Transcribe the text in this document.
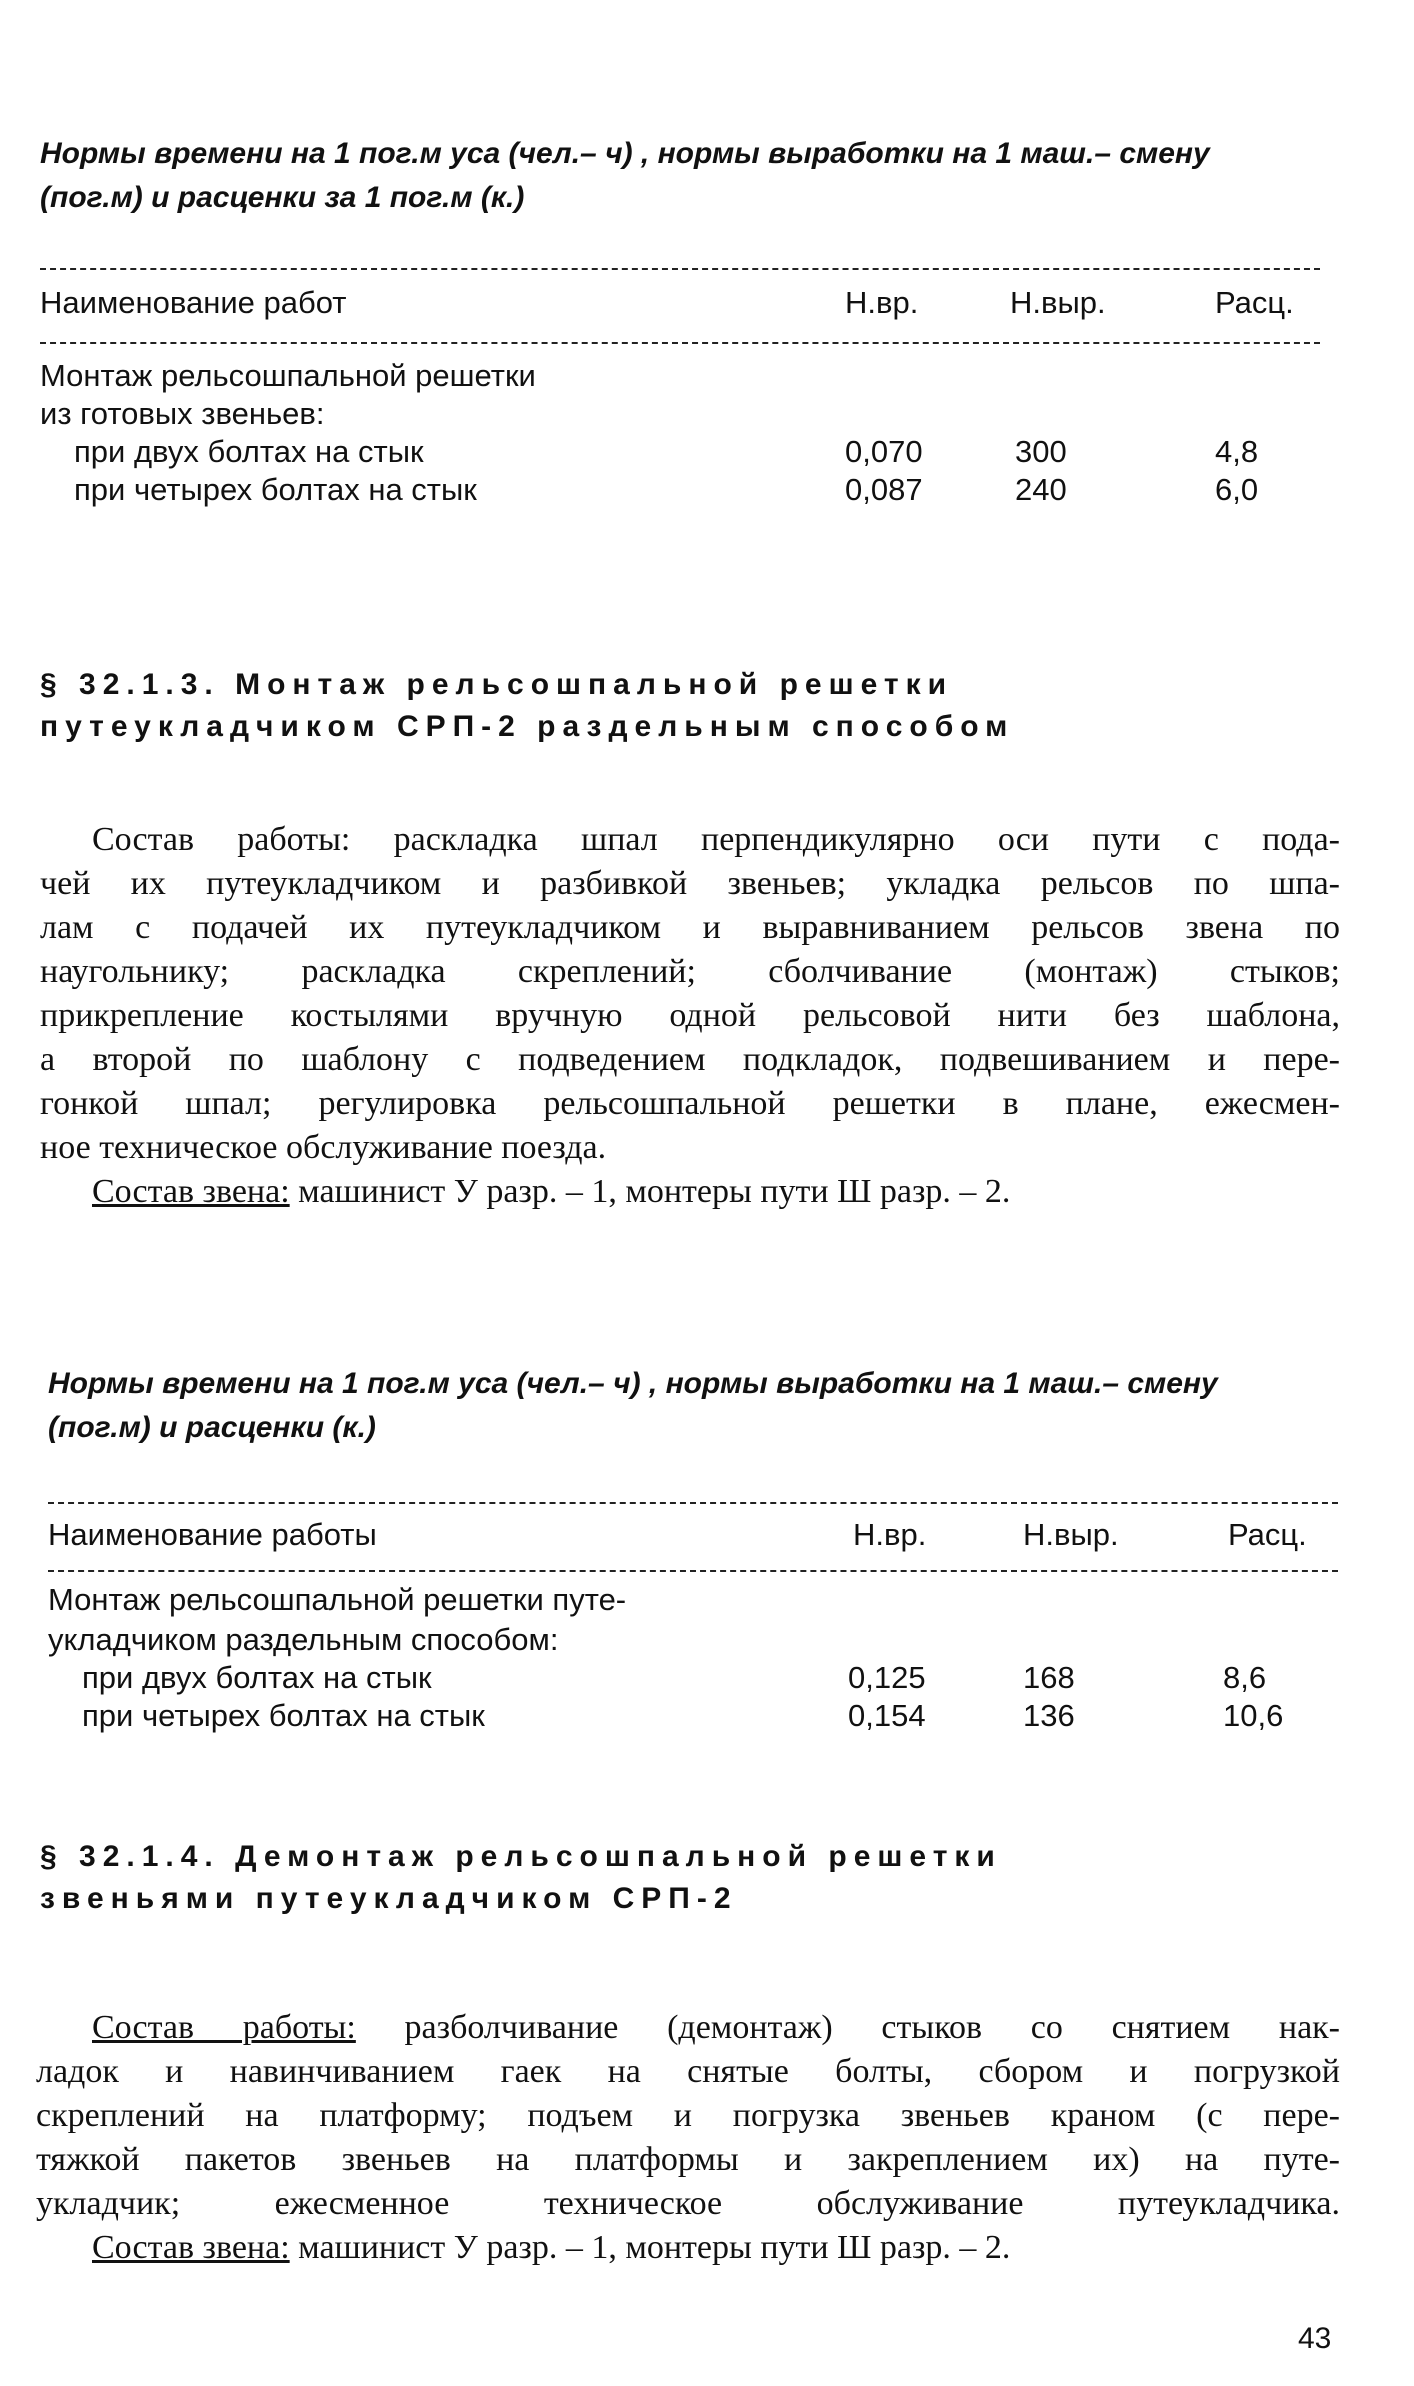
Нормы времени на 1 пог.м уса (чел.– ч) , нормы выработки на 1 маш.– смену
(пог.м) и расценки за 1 пог.м (к.)
Наименование работ	Н.вр.	Н.выр.	Расц.
Монтаж рельсошпальной решетки
из готовых звеньев:
при двух болтах на стык	0,070	300	4,8
при четырех болтах на стык	0,087	240	6,0
§ 32.1.3. Монтаж рельсошпальной решетки
путеукладчиком СРП-2 раздельным способом
Состав работы: раскладка шпал перпендикулярно оси пути с пода-
чей их путеукладчиком и разбивкой звеньев; укладка рельсов по шпа-
лам с подачей их путеукладчиком и выравниванием рельсов звена по
наугольнику; раскладка скреплений; сболчивание (монтаж) стыков;
прикрепление костылями вручную одной рельсовой нити без шаблона,
а второй по шаблону с подведением подкладок, подвешиванием и пере-
гонкой шпал; регулировка рельсошпальной решетки в плане, ежесмен-
ное техническое обслуживание поезда.
Состав звена: машинист У разр. – 1, монтеры пути Ш разр. – 2.
Нормы времени на 1 пог.м уса (чел.– ч) , нормы выработки на 1 маш.– смену
(пог.м) и расценки (к.)
Наименование работы	Н.вр.	Н.выр.	Расц.
Монтаж рельсошпальной решетки путе-
укладчиком раздельным способом:
при двух болтах на стык	0,125	168	8,6
при четырех болтах на стык	0,154	136	10,6
§ 32.1.4. Демонтаж рельсошпальной решетки
звеньями путеукладчиком СРП-2
Состав работы: разболчивание (демонтаж) стыков со снятием нак-
ладок и навинчиванием гаек на снятые болты, сбором и погрузкой
скреплений на платформу; подъем и погрузка звеньев краном (с пере-
тяжкой пакетов звеньев на платформы и закреплением их) на путе-
укладчик; ежесменное техническое обслуживание путеукладчика.
Состав звена: машинист У разр. – 1, монтеры пути Ш разр. – 2.
43
